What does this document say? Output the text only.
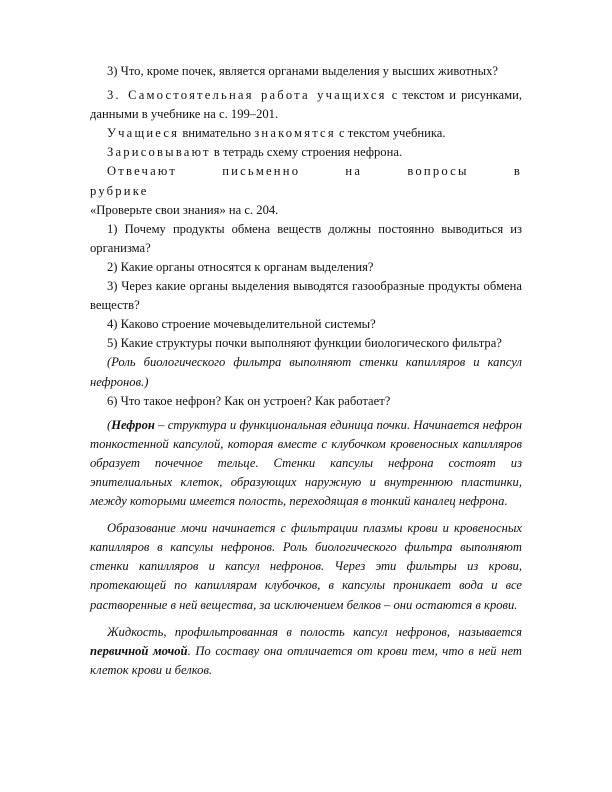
3) Что, кроме почек, является органами выделения у высших животных?

3. Самостоятельная работа учащихся с текстом и рисунками, данными в учебнике на с. 199–201.

Учащиеся внимательно знакомятся с текстом учебника.

Зарисовывают в тетрадь схему строения нефрона.

Отвечают письменно на вопросы в рубрике

«Проверьте свои знания» на с. 204.

1) Почему продукты обмена веществ должны постоянно выводиться из организма?

2) Какие органы относятся к органам выделения?

3) Через какие органы выделения выводятся газообразные продукты обмена веществ?

4) Каково строение мочевыделительной системы?

5) Какие структуры почки выполняют функции биологического фильтра?

(Роль биологического фильтра выполняют стенки капилляров и капсул нефронов.)

6) Что такое нефрон? Как он устроен? Как работает?

(Нефрон – структура и функциональная единица почки. Начинается нефрон тонкостенной капсулой, которая вместе с клубочком кровеносных капилляров образует почечное тельце. Стенки капсулы нефрона состоят из эпителиальных клеток, образующих наружную и внутреннюю пластинки, между которыми имеется полость, переходящая в тонкий каналец нефрона.

Образование мочи начинается с фильтрации плазмы крови и кровеносных капилляров в капсулы нефронов. Роль биологического фильтра выполняют стенки капилляров и капсул нефронов. Через эти фильтры из крови, протекающей по капиллярам клубочков, в капсулы проникает вода и все растворенные в ней вещества, за исключением белков – они остаются в крови.

Жидкость, профильтрованная в полость капсул нефронов, называется первичной мочой. По составу она отличается от крови тем, что в ней нет клеток крови и белков.
